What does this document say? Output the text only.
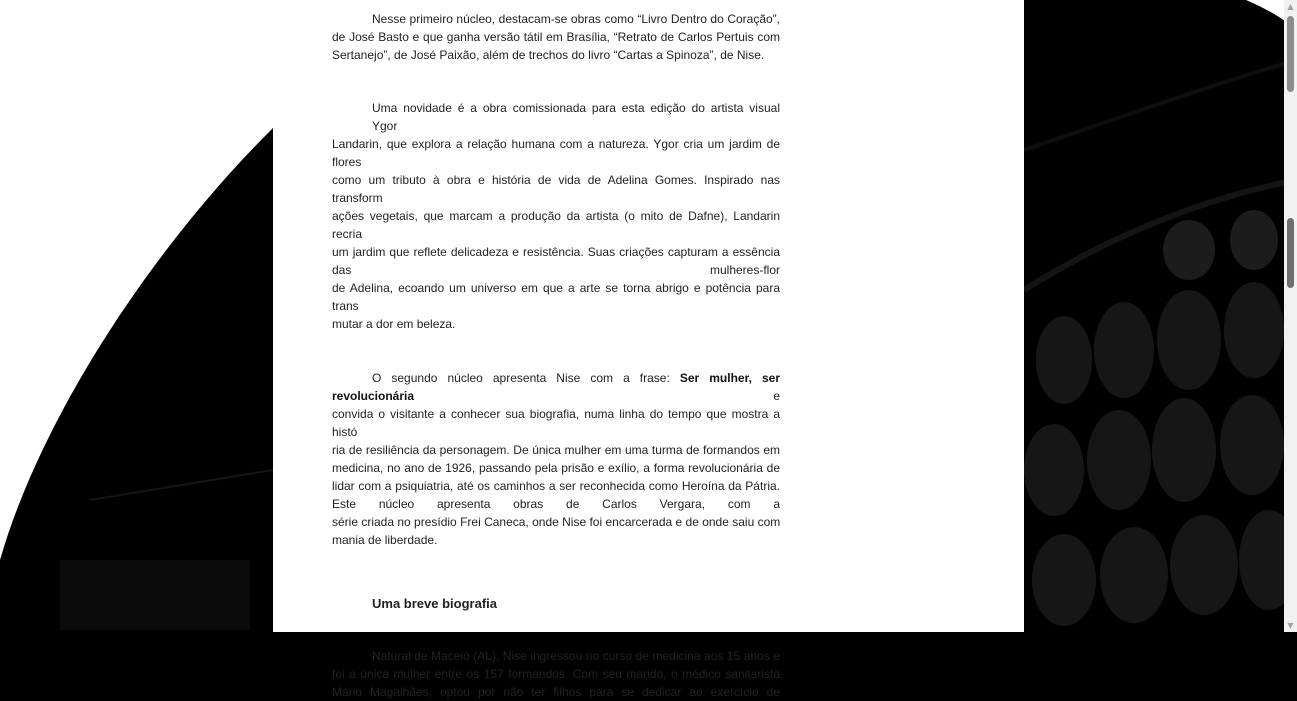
Nesse primeiro núcleo, destacam-se obras como “Livro Dentro do Coração”,
de José Basto e que ganha versão tátil em Brasília, “Retrato de Carlos Pertuis com
Sertanejo”, de José Paixão, além de trechos do livro “Cartas a Spinoza”, de Nise.
Uma novidade é a obra comissionada para esta edição do artista visual Ygor
Landarin, que explora a relação humana com a natureza. Ygor cria um jardim de
flores
como um tributo à obra e história de vida de Adelina Gomes. Inspirado nas transform
ações vegetais, que marcam a produção da artista (o mito de Dafne), Landarin recria
um jardim que reflete delicadeza e resistência. Suas criações capturam a essência
das mulheres-flor
de Adelina, ecoando um universo em que a arte se torna abrigo e potência para trans
mutar a dor em beleza.
O segundo núcleo apresenta Nise com a frase: Ser mulher, ser
revolucionária	e
convida o visitante a conhecer sua biografia, numa linha do tempo que mostra a histó
ria de resiliência da personagem. De única mulher em uma turma de formandos em
medicina, no ano de 1926, passando pela prisão e exílio, a forma revolucionária de
lidar com a psiquiatria, até os caminhos a ser reconhecida como Heroína da Pátria.
Este núcleo apresenta obras de Carlos Vergara, com a
série criada no presídio Frei Caneca, onde Nise foi encarcerada e de onde saiu com
mania de liberdade.
Uma breve biografia
Natural de Maceió (AL), Nise ingressou no curso de medicina aos 15 anos e
foi a única mulher entre os 157 formandos. Com seu marido, o médico sanitarista
Mário Magalhães, optou por não ter filhos para se dedicar ao exercício de
▲
▼
